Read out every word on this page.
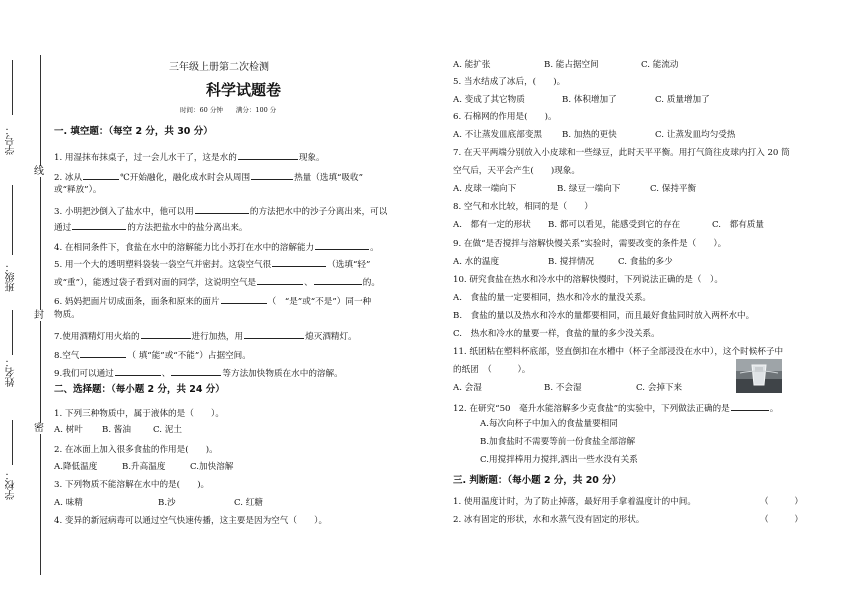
学号：
班级：
姓名：
学校：
线
封
密
三年级上册第二次检测
科学试题卷
时间：60 分钟　　满分：100 分
一. 填空题：（每空 2 分，共 30 分）
1. 用湿抹布抹桌子，过一会儿水干了，这是水的	现象。
2. 冰从	℃开始融化，融化成水时会从周围	热量（选填“吸收”
或“释放”）。
3. 小明把沙倒入了盐水中，他可以用	的方法把水中的沙子分离出来，可以
通过	的方法把盐水中的盐分离出来。
4. 在相同条件下，食盐在水中的溶解能力比小苏打在水中的溶解能力	。
5. 用一个大的透明塑料袋装一袋空气并密封。这袋空气很	（选填“轻”
或“重”），能透过袋子看到对面的同学，这说明空气是	、	的。
6. 妈妈把面片切成面条，面条和原来的面片	（　“是”或“不是”）同一种
物质。
7.使用酒精灯用火焰的	进行加热，用	熄灭酒精灯。
8.空气	（ 填“能”或“不能”）占据空间。
9.我们可以通过	、	等方法加快物质在水中的溶解。
二、选择题：（每小题 2 分，共 24 分）
1. 下列三种物质中，属于液体的是（　　）。
A. 树叶 B. 酱油	C. 泥土
2. 在冰面上加入很多食盐的作用是(　　)。
A.降低温度	B.升高温度	C.加快溶解
3. 下列物质不能溶解在水中的是(　　)。
A. 味精	B.沙	C. 红糖
4. 变异的新冠病毒可以通过空气快速传播，这主要是因为空气（　　）。
A. 能扩张	B. 能占据空间	C. 能流动
5. 当水结成了冰后，(　　)。
A. 变成了其它物质	B. 体积增加了	C. 质量增加了
6. 石棉网的作用是(　　)。
A. 不让蒸发皿底部变黑 B. 加热的更快	C. 让蒸发皿均匀受热
7. 在天平两端分别放入小皮球和一些绿豆，此时天平平衡。用打气筒往皮球内打入 20 筒
空气后，天平会产生(　　)现象。
A. 皮球一端向下	B. 绿豆一端向下	C. 保持平衡
8. 空气和水比较，相同的是（　　）
A.　都有一定的形状 B. 都可以看见，能感受到它的存在	C.　都有质量
9. 在做“是否搅拌与溶解快慢关系”实验时，需要改变的条件是（　　）。
A. 水的温度	B. 搅拌情况	C. 食盐的多少
10. 研究食盐在热水和冷水中的溶解快慢时，下列说法正确的是（　）。
A.　食盐的量一定要相同，热水和冷水的量没关系。
B.　食盐的量以及热水和冷水的量都要相同，而且最好食盐同时放入两杯水中。
C.　热水和冷水的量要一样，食盐的量的多少没关系。
11. 纸团粘在塑料杯底部，竖直倒扣在水槽中（杯子全部浸没在水中），这个时候杯子中
的纸团　（　　　）。
A. 会湿	B. 不会湿	C. 会掉下来
12. 在研究“50　毫升水能溶解多少克食盐”的实验中，下列做法正确的是	。
A.每次向杯子中加入的食盐量要相同
B.加食盐时不需要等前一份食盐全部溶解
C.用搅拌棒用力搅拌,洒出一些水没有关系
三. 判断题：（每小题 2 分，共 20 分）
1. 使用温度计时，为了防止掉落，最好用手拿着温度计的中间。	（　　　）
2. 冰有固定的形状，水和水蒸气没有固定的形状。	（　　　）
